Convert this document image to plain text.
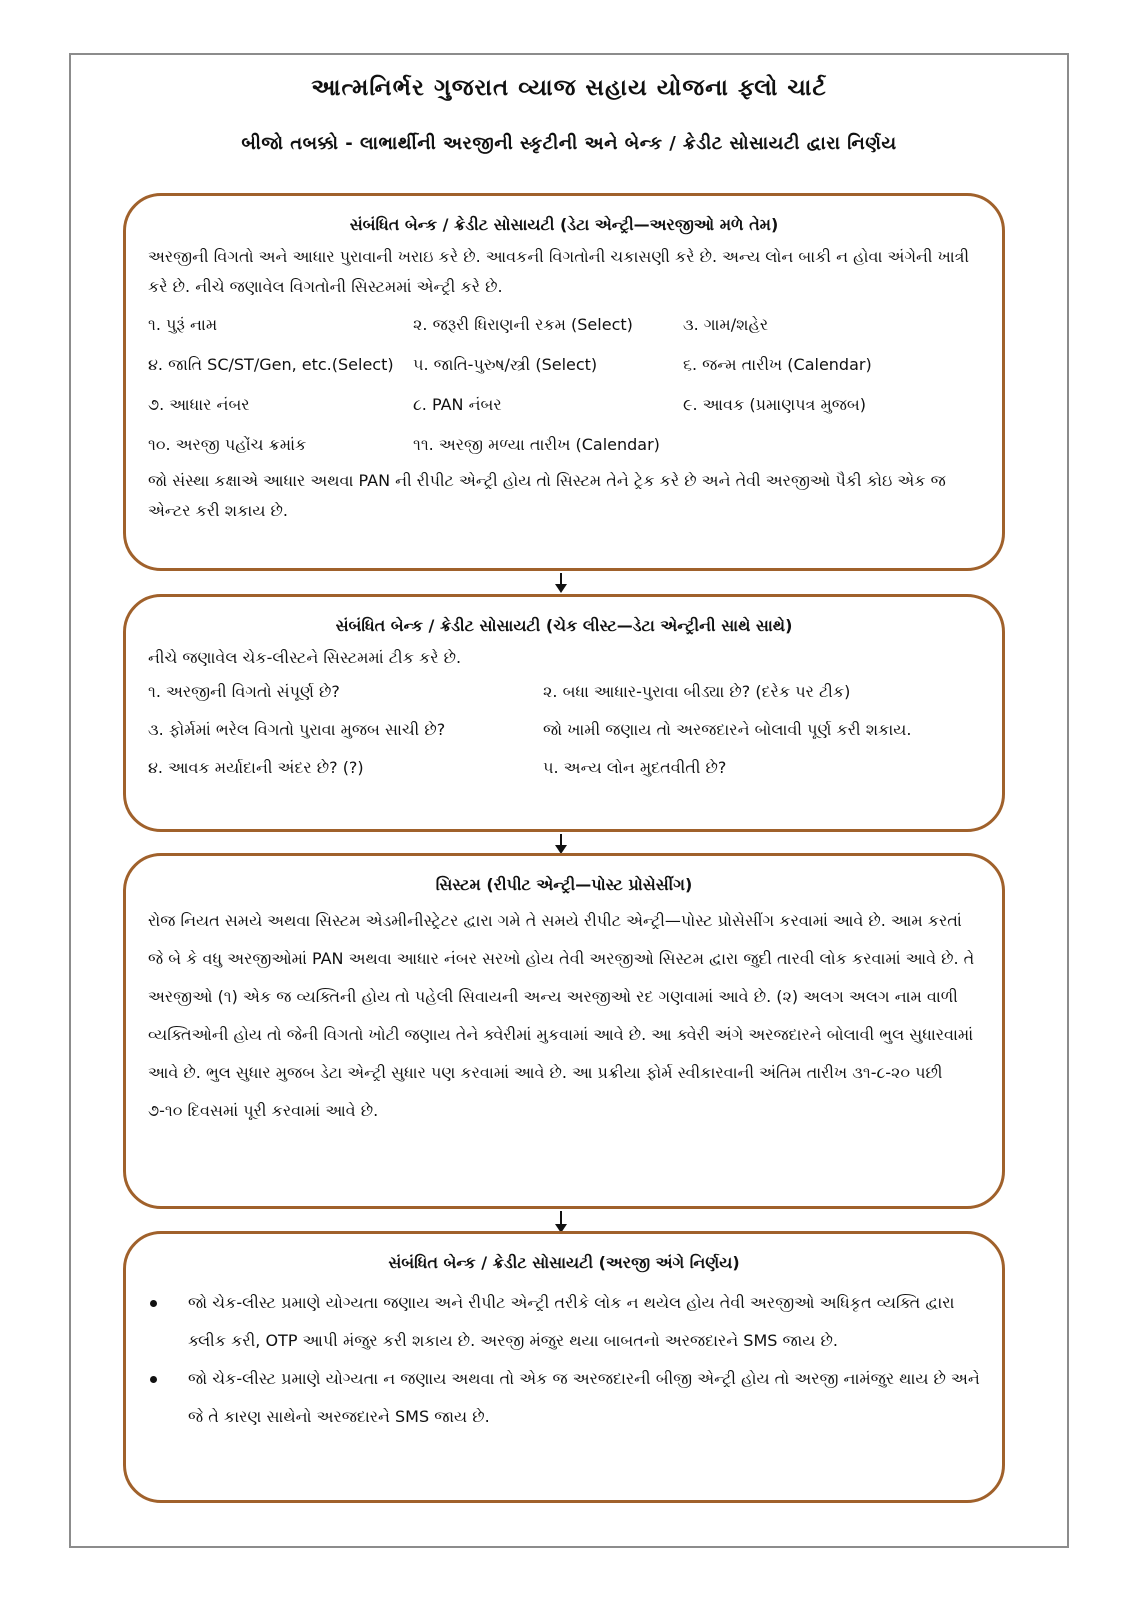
આત્મનિર્ભર ગુજરાત વ્યાજ સહાય યોજના ફ્લો ચાર્ટ
બીજો તબક્કો - લાભાર્થીની અરજીની સ્કૃટીની અને બેન્ક / ક્રેડીટ સોસાયટી દ્વારા નિર્ણય
સંબંધિત બેન્ક / ક્રેડીટ સોસાયટી (ડેટા એન્ટ્રી—અરજીઓ મળે તેમ)
અરજીની વિગતો અને આધાર પુરાવાની ખરાઇ કરે છે. આવકની વિગતોની ચકાસણી કરે છે. અન્ય લોન બાકી ન હોવા અંગેની ખાત્રી કરે છે. નીચે જણાવેલ વિગતોની સિસ્ટમમાં એન્ટ્રી કરે છે.
૧. પુરૂં નામ	૨. જરૂરી ધિરાણની રકમ (Select)	૩. ગામ/શહેર
૪. જાતિ SC/ST/Gen, etc.(Select)	૫. જાતિ-પુરુષ/સ્ત્રી (Select)	૬. જન્મ તારીખ (Calendar)
૭. આધાર નંબર	૮. PAN નંબર	૯. આવક (પ્રમાણપત્ર મુજબ)
૧૦. અરજી પહોંચ ક્રમાંક	૧૧. અરજી મળ્યા તારીખ (Calendar)
જો સંસ્થા કક્ષાએ આધાર અથવા PAN ની રીપીટ એન્ટ્રી હોય તો સિસ્ટમ તેને ટ્રેક કરે છે અને તેવી અરજીઓ પૈકી કોઇ એક જ એન્ટર કરી શકાય છે.
સંબંધિત બેન્ક / ક્રેડીટ સોસાયટી (ચેક લીસ્ટ—ડેટા એન્ટ્રીની સાથે સાથે)
નીચે જણાવેલ ચેક-લીસ્ટને સિસ્ટમમાં ટીક કરે છે.
૧. અરજીની વિગતો સંપૂર્ણ છે?	૨. બધા આધાર-પુરાવા બીડ્યા છે? (દરેક પર ટીક)
૩. ફોર્મમાં ભરેલ વિગતો પુરાવા મુજબ સાચી છે?	જો ખામી જણાય તો અરજદારને બોલાવી પૂર્ણ કરી શકાય.
૪. આવક મર્યાદાની અંદર છે? (?)	૫. અન્ય લોન મુદતવીતી છે?
સિસ્ટમ (રીપીટ એન્ટ્રી—પોસ્ટ પ્રોસેસીંગ)
રોજ નિયત સમયે અથવા સિસ્ટમ એડમીનીસ્ટ્રેટર દ્વારા ગમે તે સમયે રીપીટ એન્ટ્રી—પોસ્ટ પ્રોસેસીંગ કરવામાં આવે છે. આમ કરતાં જે બે કે વધુ અરજીઓમાં PAN અથવા આધાર નંબર સરખો હોય તેવી અરજીઓ સિસ્ટમ દ્વારા જુદી તારવી લોક કરવામાં આવે છે. તે અરજીઓ (૧) એક જ વ્યક્તિની હોય તો પહેલી સિવાયની અન્ય અરજીઓ રદ ગણવામાં આવે છે. (૨) અલગ અલગ નામ વાળી વ્યક્તિઓની હોય તો જેની વિગતો ખોટી જણાય તેને ક્વેરીમાં મુકવામાં આવે છે. આ ક્વેરી અંગે અરજદારને બોલાવી ભુલ સુધારવામાં આવે છે. ભુલ સુધાર મુજબ ડેટા એન્ટ્રી સુધાર પણ કરવામાં આવે છે. આ પ્રક્રીયા ફોર્મ સ્વીકારવાની અંતિમ તારીખ ૩૧-૮-૨૦ પછી ૭-૧૦ દિવસમાં પૂરી કરવામાં આવે છે.
સંબંધિત બેન્ક / ક્રેડીટ સોસાયટી (અરજી અંગે નિર્ણય)
જો ચેક-લીસ્ટ પ્રમાણે યોગ્યતા જણાય અને રીપીટ એન્ટ્રી તરીકે લોક ન થયેલ હોય તેવી અરજીઓ અધિકૃત વ્યક્તિ દ્વારા ક્લીક કરી, OTP આપી મંજુર કરી શકાય છે. અરજી મંજુર થયા બાબતનો અરજદારને SMS જાય છે.
જો ચેક-લીસ્ટ પ્રમાણે યોગ્યતા ન જણાય અથવા તો એક જ અરજદારની બીજી એન્ટ્રી હોય તો અરજી નામંજુર થાય છે અને જે તે કારણ સાથેનો અરજદારને SMS જાય છે.
